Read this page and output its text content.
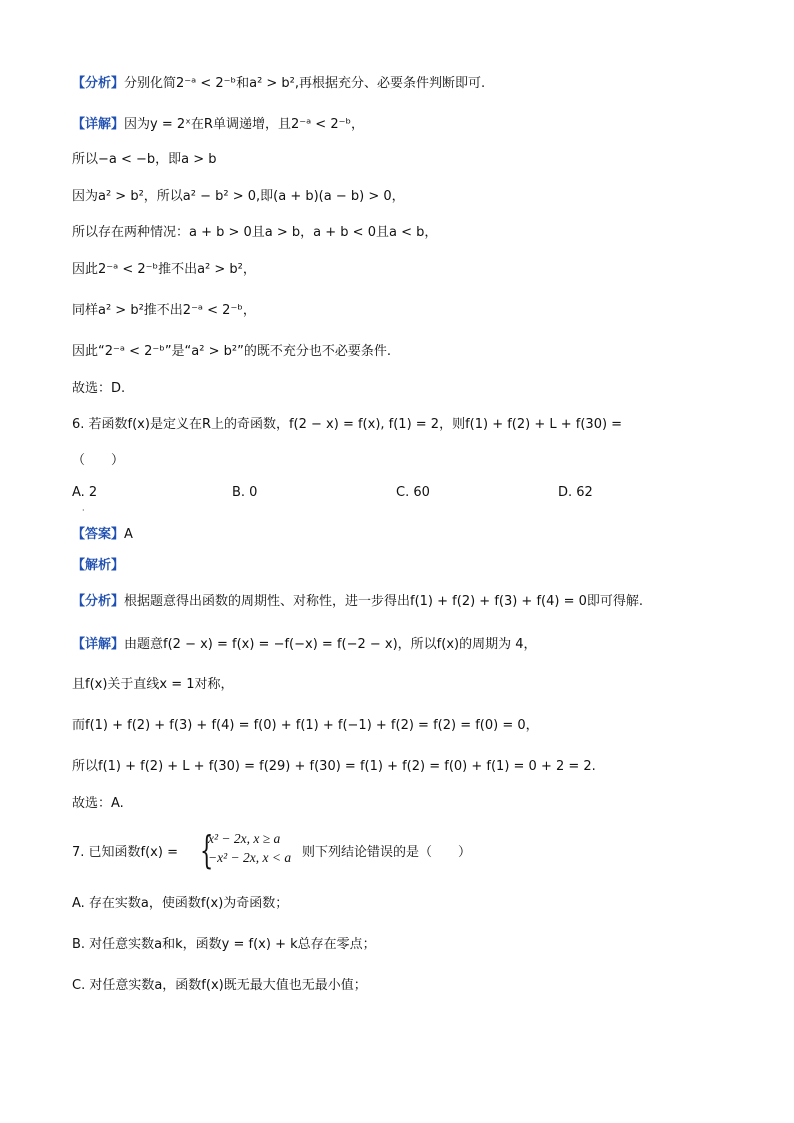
【分析】分别化简2⁻ᵃ < 2⁻ᵇ和a² > b²,再根据充分、必要条件判断即可.
【详解】因为y = 2ˣ在R单调递增，且2⁻ᵃ < 2⁻ᵇ，
所以−a < −b，即a > b
因为a² > b²，所以a² − b² > 0,即(a + b)(a − b) > 0，
所以存在两种情况：a + b > 0且a > b，a + b < 0且a < b，
因此2⁻ᵃ < 2⁻ᵇ推不出a² > b²，
同样a² > b²推不出2⁻ᵃ < 2⁻ᵇ，
因此“2⁻ᵃ < 2⁻ᵇ”是“a² > b²”的既不充分也不必要条件.
故选：D.
6. 若函数f(x)是定义在R上的奇函数，f(2 − x) = f(x), f(1) = 2，则f(1) + f(2) + L + f(30) =
（　　）
A. 2	B. 0	C. 60	D. 62
·
【答案】A
【解析】
【分析】根据题意得出函数的周期性、对称性，进一步得出f(1) + f(2) + f(3) + f(4) = 0即可得解.
【详解】由题意f(2 − x) = f(x) = −f(−x) = f(−2 − x)，所以f(x)的周期为 4，
且f(x)关于直线x = 1对称，
而f(1) + f(2) + f(3) + f(4) = f(0) + f(1) + f(−1) + f(2) = f(2) = f(0) = 0，
所以f(1) + f(2) + L + f(30) = f(29) + f(30) = f(1) + f(2) = f(0) + f(1) = 0 + 2 = 2.
故选：A.
7. 已知函数f(x) = {
x² − 2x, x ≥ a
−x² − 2x, x < a 则下列结论错误的是（　　）
A. 存在实数a，使函数f(x)为奇函数；
B. 对任意实数a和k，函数y = f(x) + k总存在零点；
C. 对任意实数a，函数f(x)既无最大值也无最小值；
